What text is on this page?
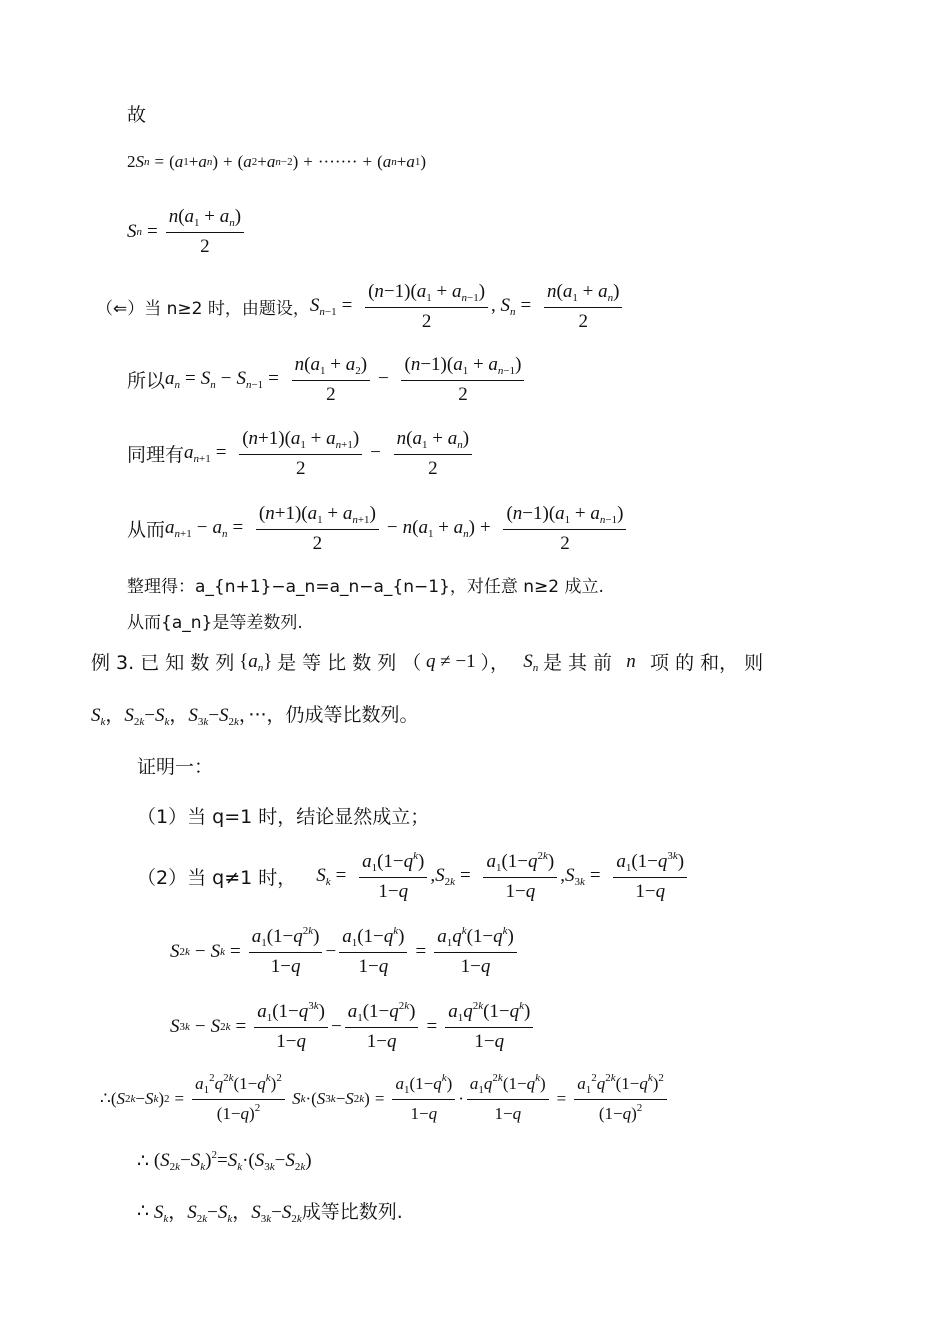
故
2 S n = ( a 1 + a n ) + ( a 2 + a n−2 ) + ······· + ( a n + a 1 )
S $n = \frac{n(a_1 + a_n)}{2}$
（⇐）当 n≥2 时，由题设， $S_{n-1} = \frac{(n-1)(a_1 + a_{n-1})}{2}$ , $S_n = \frac{n(a_1 + a_n)}{2}$
所以 $a_n = S_n - S_{n-1} = \frac{n(a_1 + a_2)}{2} - \frac{(n-1)(a_1 + a_{n-1})}{2}$
同理有 $a_{n+1} = \frac{(n+1)(a_1 + a_{n+1})}{2} - \frac{n(a_1 + a_n)}{2}$
从而 $a_{n+1} - a_n = \frac{(n+1)(a_1 + a_{n+1})}{2} - n(a_1 + a_n) + \frac{(n-1)(a_1 + a_{n-1})}{2}$
整理得：a_{n+1}−a_n=a_n−a_{n−1}，对任意 n≥2 成立.
从而{a_n}是等差数列.
例 3. 已 知 数 列 $\{a_n\}$ 是 等 比 数 列 （ q ≠ −1 ）， $S_n$ 是 其 前 n 项 的 和， 则
$S_k$，$S_{2k}-S_k$，$S_{3k}-S_{2k}$ ，···，仍成等比数列。
证明一：
（1）当 q=1 时，结论显然成立；
（2）当 q≠1 时， $S_k = \frac{a_1(1-q^k)}{1-q} ,S_{2k} = \frac{a_1(1-q^{2k})}{1-q} ,S_{3k} = \frac{a_1(1-q^{3k})}{1-q}$
S 2k − S $k = \frac{a_1(1-q^{2k})}{1-q} - \frac{a_1(1-q^k)}{1-q} = \frac{a_1q^k(1-q^k)}{1-q}$
S 3k − S $2k = \frac{a_1(1-q^{3k})}{1-q} - \frac{a_1(1-q^{2k})}{1-q} = \frac{a_1q^{2k}(1-q^k)}{1-q}$
∴( S 2k − S k ) $2 = \frac{a_1^2q^{2k}(1-q^k)^2}{(1-q)^2}$
S k ·( S 3k − S 2k ) = $\frac{a_1(1-q^k)}{1-q} \cdot \frac{a_1q^{2k}(1-q^k)}{1-q} = \frac{a_1^2q^{2k}(1-q^k)^2}{(1-q)^2}$
∴ $(S_{2k}-S_k)^2=S_k\cdot(S_{3k}-S_{2k})$
∴ $S_k$，$S_{2k}-S_k$，$S_{3k}-S_{2k}$ 成等比数列.
